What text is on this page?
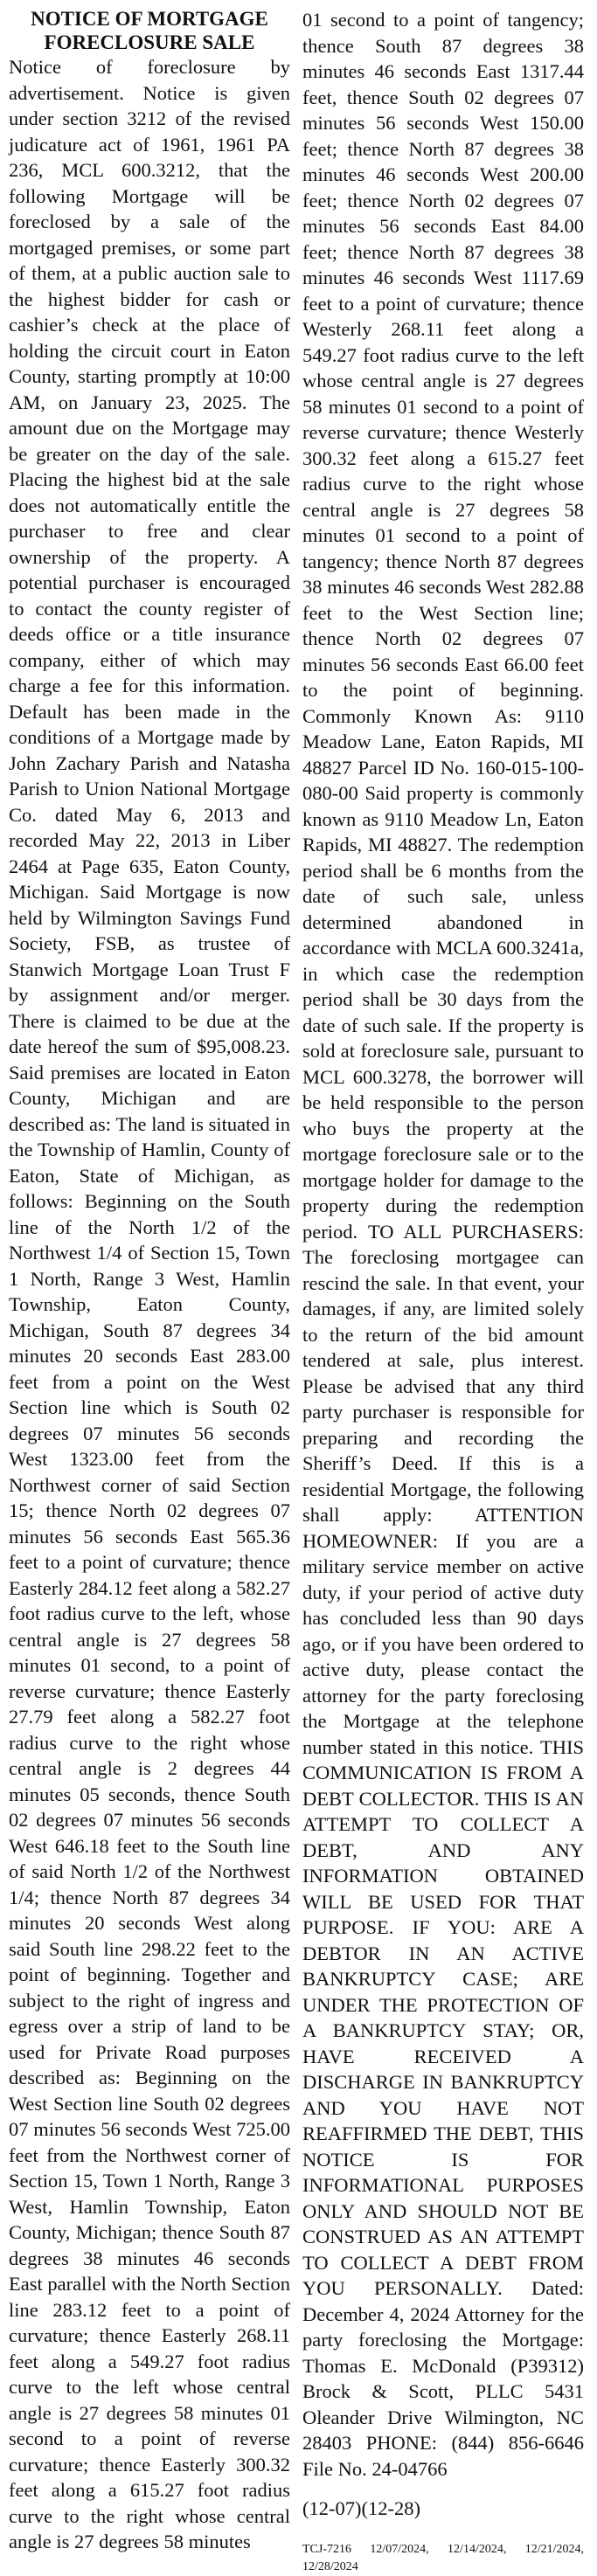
NOTICE OF MORTGAGE
FORECLOSURE SALE

Notice of foreclosure by advertisement. Notice is given under section 3212 of the revised judicature act of 1961, 1961 PA 236, MCL 600.3212, that the following Mortgage will be foreclosed by a sale of the mortgaged premises, or some part of them, at a public auction sale to the highest bidder for cash or cashier’s check at the place of holding the circuit court in Eaton County, starting promptly at 10:00 AM, on January 23, 2025. The amount due on the Mortgage may be greater on the day of the sale. Placing the highest bid at the sale does not automatically entitle the purchaser to free and clear ownership of the property. A potential purchaser is encouraged to contact the county register of deeds office or a title insurance company, either of which may charge a fee for this information. Default has been made in the conditions of a Mortgage made by John Zachary Parish and Natasha Parish to Union National Mortgage Co. dated May 6, 2013 and recorded May 22, 2013 in Liber 2464 at Page 635, Eaton County, Michigan. Said Mortgage is now held by Wilmington Savings Fund Society, FSB, as trustee of Stanwich Mortgage Loan Trust F by assignment and/or merger. There is claimed to be due at the date hereof the sum of $95,008.23. Said premises are located in Eaton County, Michigan and are described as: The land is situated in the Township of Hamlin, County of Eaton, State of Michigan, as follows: Beginning on the South line of the North 1/2 of the Northwest 1/4 of Section 15, Town 1 North, Range 3 West, Hamlin Township, Eaton County, Michigan, South 87 degrees 34 minutes 20 seconds East 283.00 feet from a point on the West Section line which is South 02 degrees 07 minutes 56 seconds West 1323.00 feet from the Northwest corner of said Section 15; thence North 02 degrees 07 minutes 56 seconds East 565.36 feet to a point of curvature; thence Easterly 284.12 feet along a 582.27 foot radius curve to the left, whose central angle is 27 degrees 58 minutes 01 second, to a point of reverse curvature; thence Easterly 27.79 feet along a 582.27 foot radius curve to the right whose central angle is 2 degrees 44 minutes 05 seconds, thence South 02 degrees 07 minutes 56 seconds West 646.18 feet to the South line of said North 1/2 of the Northwest 1/4; thence North 87 degrees 34 minutes 20 seconds West along said South line 298.22 feet to the point of beginning. Together and subject to the right of ingress and egress over a strip of land to be used for Private Road purposes described as: Beginning on the West Section line South 02 degrees 07 minutes 56 seconds West 725.00 feet from the Northwest corner of Section 15, Town 1 North, Range 3 West, Hamlin Township, Eaton County, Michigan; thence South 87 degrees 38 minutes 46 seconds East parallel with the North Section line 283.12 feet to a point of curvature; thence Easterly 268.11 feet along a 549.27 foot radius curve to the left whose central angle is 27 degrees 58 minutes 01 second to a point of reverse curvature; thence Easterly 300.32 feet along a 615.27 foot radius curve to the right whose central angle is 27 degrees 58 minutes

01 second to a point of tangency; thence South 87 degrees 38 minutes 46 seconds East 1317.44 feet, thence South 02 degrees 07 minutes 56 seconds West 150.00 feet; thence North 87 degrees 38 minutes 46 seconds West 200.00 feet; thence North 02 degrees 07 minutes 56 seconds East 84.00 feet; thence North 87 degrees 38 minutes 46 seconds West 1117.69 feet to a point of curvature; thence Westerly 268.11 feet along a 549.27 foot radius curve to the left whose central angle is 27 degrees 58 minutes 01 second to a point of reverse curvature; thence Westerly 300.32 feet along a 615.27 feet radius curve to the right whose central angle is 27 degrees 58 minutes 01 second to a point of tangency; thence North 87 degrees 38 minutes 46 seconds West 282.88 feet to the West Section line; thence North 02 degrees 07 minutes 56 seconds East 66.00 feet to the point of beginning. Commonly Known As: 9110 Meadow Lane, Eaton Rapids, MI 48827 Parcel ID No. 160-015-100-080-00 Said property is commonly known as 9110 Meadow Ln, Eaton Rapids, MI 48827. The redemption period shall be 6 months from the date of such sale, unless determined abandoned in accordance with MCLA 600.3241a, in which case the redemption period shall be 30 days from the date of such sale. If the property is sold at foreclosure sale, pursuant to MCL 600.3278, the borrower will be held responsible to the person who buys the property at the mortgage foreclosure sale or to the mortgage holder for damage to the property during the redemption period. TO ALL PURCHASERS: The foreclosing mortgagee can rescind the sale. In that event, your damages, if any, are limited solely to the return of the bid amount tendered at sale, plus interest. Please be advised that any third party purchaser is responsible for preparing and recording the Sheriff’s Deed. If this is a residential Mortgage, the following shall apply: ATTENTION HOMEOWNER: If you are a military service member on active duty, if your period of active duty has concluded less than 90 days ago, or if you have been ordered to active duty, please contact the attorney for the party foreclosing the Mortgage at the telephone number stated in this notice. THIS COMMUNICATION IS FROM A DEBT COLLECTOR. THIS IS AN ATTEMPT TO COLLECT A DEBT, AND ANY INFORMATION OBTAINED WILL BE USED FOR THAT PURPOSE. IF YOU: ARE A DEBTOR IN AN ACTIVE BANKRUPTCY CASE; ARE UNDER THE PROTECTION OF A BANKRUPTCY STAY; OR, HAVE RECEIVED A DISCHARGE IN BANKRUPTCY AND YOU HAVE NOT REAFFIRMED THE DEBT, THIS NOTICE IS FOR INFORMATIONAL PURPOSES ONLY AND SHOULD NOT BE CONSTRUED AS AN ATTEMPT TO COLLECT A DEBT FROM YOU PERSONALLY. Dated: December 4, 2024 Attorney for the party foreclosing the Mortgage: Thomas E. McDonald (P39312) Brock & Scott, PLLC 5431 Oleander Drive Wilmington, NC 28403 PHONE: (844) 856-6646 File No. 24-04766

(12-07)(12-28)

TCJ-7216 12/07/2024, 12/14/2024, 12/21/2024, 12/28/2024
